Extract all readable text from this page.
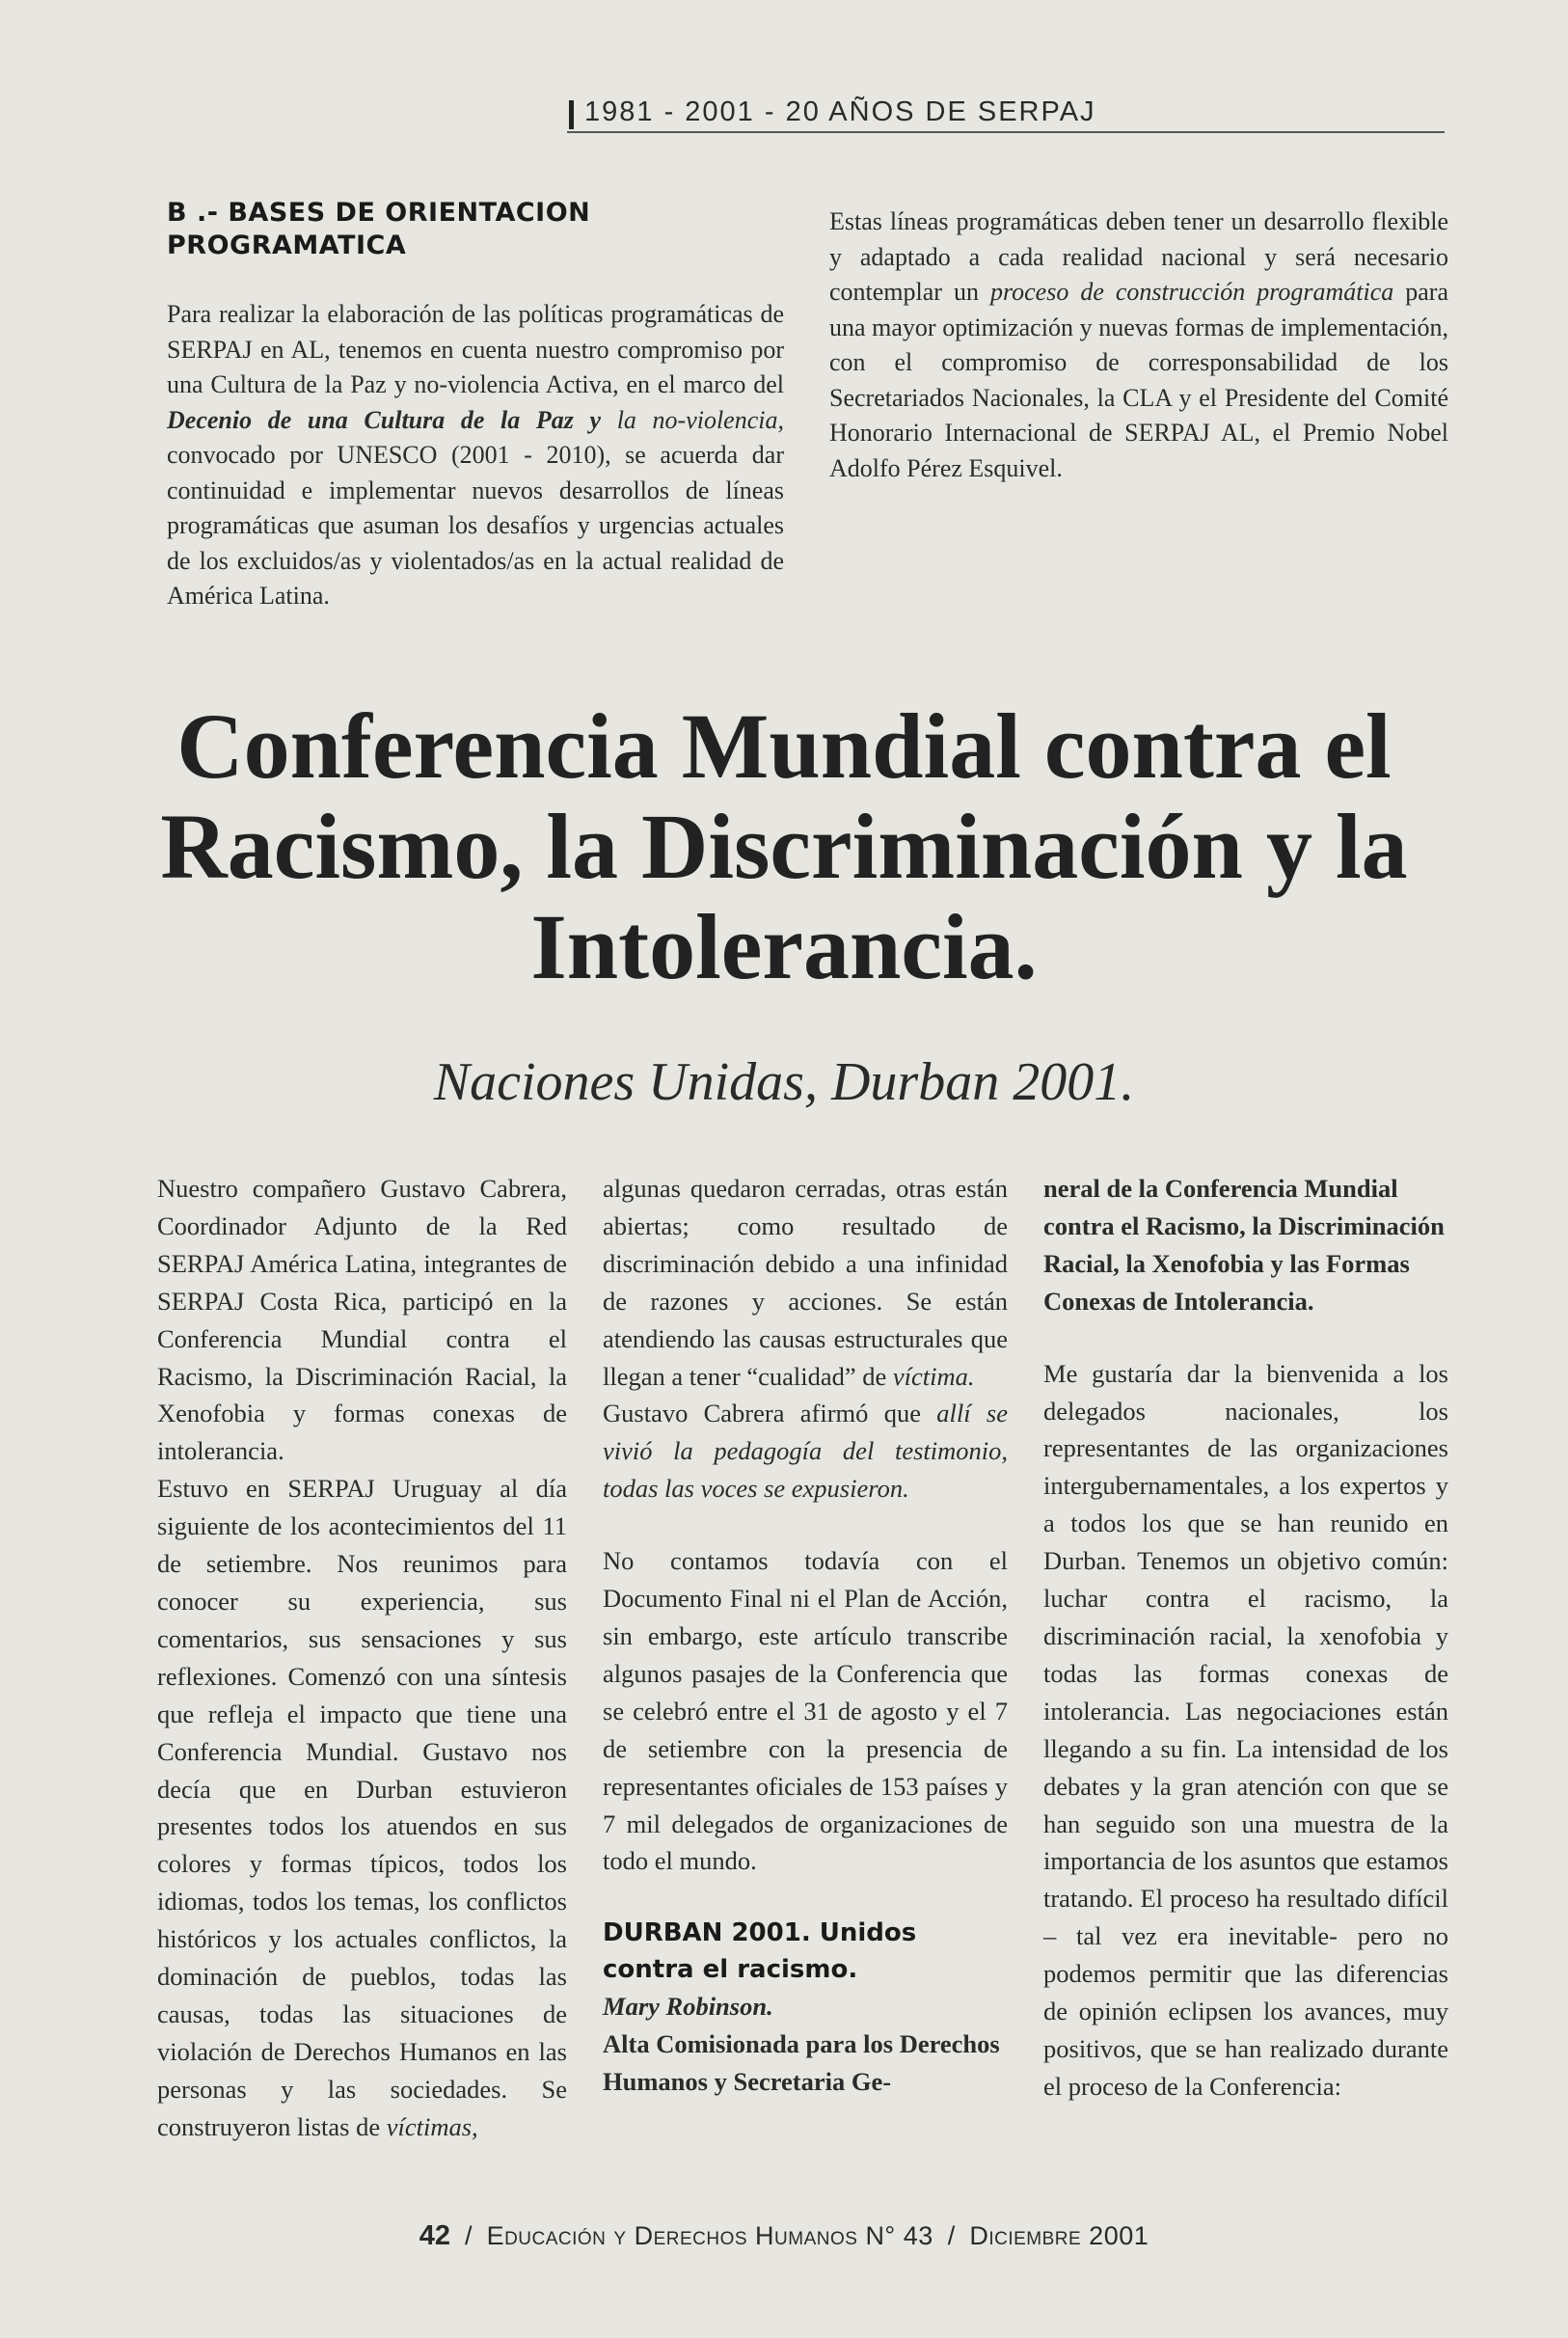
1981 - 2001 - 20 AÑOS DE SERPAJ
B .- BASES DE ORIENTACION
PROGRAMATICA

Para realizar la elaboración de las políticas programáticas de SERPAJ en AL, tenemos en cuenta nuestro compromiso por una Cultura de la Paz y no-violencia Activa, en el marco del Decenio de una Cultura de la Paz y la no-violencia, convocado por UNESCO (2001 - 2010), se acuerda dar continuidad e implementar nuevos desarrollos de líneas programáticas que asuman los desafíos y urgencias actuales de los excluidos/as y violentados/as en la actual realidad de América Latina.

Estas líneas programáticas deben tener un desarrollo flexible y adaptado a cada realidad nacional y será necesario contemplar un proceso de construcción programática para una mayor optimización y nuevas formas de implementación, con el compromiso de corresponsabilidad de los Secretariados Nacionales, la CLA y el Presidente del Comité Honorario Internacional de SERPAJ AL, el Premio Nobel Adolfo Pérez Esquivel.

Conferencia Mundial contra el Racismo, la Discriminación y la Intolerancia.
Naciones Unidas, Durban 2001.

Nuestro compañero Gustavo Cabrera, Coordinador Adjunto de la Red SERPAJ América Latina, integrantes de SERPAJ Costa Rica, participó en la Conferencia Mundial contra el Racismo, la Discriminación Racial, la Xenofobia y formas conexas de intolerancia.

Estuvo en SERPAJ Uruguay al día siguiente de los acontecimientos del 11 de setiembre. Nos reunimos para conocer su experiencia, sus comentarios, sus sensaciones y sus reflexiones. Comenzó con una síntesis que refleja el impacto que tiene una Conferencia Mundial. Gustavo nos decía que en Durban estuvieron presentes todos los atuendos en sus colores y formas típicos, todos los idiomas, todos los temas, los conflictos históricos y los actuales conflictos, la dominación de pueblos, todas las causas, todas las situaciones de violación de Derechos Humanos en las personas y las sociedades. Se construyeron listas de víctimas,

algunas quedaron cerradas, otras están abiertas; como resultado de discriminación debido a una infinidad de razones y acciones. Se están atendiendo las causas estructurales que llegan a tener “cualidad” de víctima.

Gustavo Cabrera afirmó que allí se vivió la pedagogía del testimonio, todas las voces se expusieron.

No contamos todavía con el Documento Final ni el Plan de Acción, sin embargo, este artículo transcribe algunos pasajes de la Conferencia que se celebró entre el 31 de agosto y el 7 de setiembre con la presencia de representantes oficiales de 153 países y 7 mil delegados de organizaciones de todo el mundo.

DURBAN 2001. Unidos contra el racismo.

Mary Robinson.

Alta Comisionada para los Derechos Humanos y Secretaria Ge-

neral de la Conferencia Mundial contra el Racismo, la Discriminación Racial, la Xenofobia y las Formas Conexas de Intolerancia.

Me gustaría dar la bienvenida a los delegados nacionales, los representantes de las organizaciones intergubernamentales, a los expertos y a todos los que se han reunido en Durban. Tenemos un objetivo común: luchar contra el racismo, la discriminación racial, la xenofobia y todas las formas conexas de intolerancia. Las negociaciones están llegando a su fin. La intensidad de los debates y la gran atención con que se han seguido son una muestra de la importancia de los asuntos que estamos tratando. El proceso ha resultado difícil – tal vez era inevitable- pero no podemos permitir que las diferencias de opinión eclipsen los avances, muy positivos, que se han realizado durante el proceso de la Conferencia:

42 / Educación y Derechos Humanos N° 43 / Diciembre 2001
